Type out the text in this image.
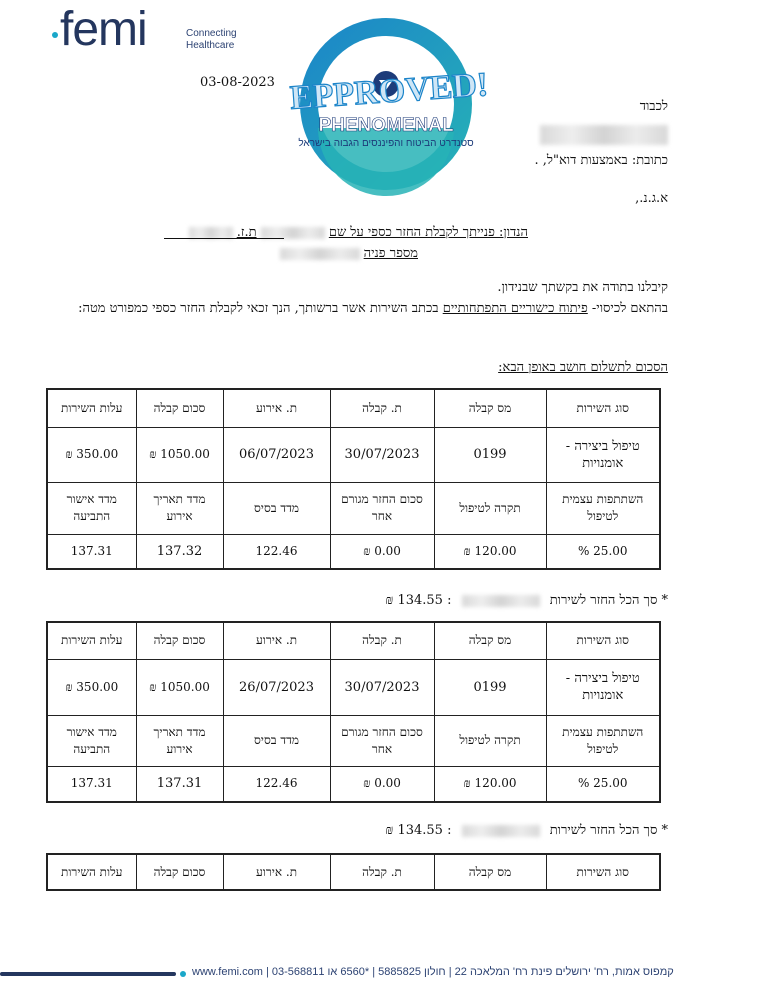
femi	Connecting
Healthcare
03-08-2023 EPPROVED!
PHENOMENAL
סטנדרט הביטוח והפיננסים הגבוה בישראל
לכבוד
כתובת: באמצעות דוא"ל, .
א.ג.נ.,
הנדון: פנייתך לקבלת החזר כספי על שם  ת.ז.
מספר פניה
קיבלנו בתודה את בקשתך שבנידון.
בהתאם לכיסוי- פיתוח כישוריים התפתחותיים בכתב השירות אשר ברשותך, הנך זכאי לקבלת החזר כספי כמפורט מטה:
הסכום לתשלום חושב באופן הבא:
סוג השירות	מס קבלה	ת. קבלה	ת. אירוע	סכום קבלה	עלות השירות
טיפול ביצירה - אומנויות	0199	30/07/2023	06/07/2023	1050.00 ₪	350.00 ₪
השתתפות עצמית לטיפול	תקרה לטיפול	סכום החזר מגורם אחר	מדד בסיס	מדד תאריך אירוע	מדד אישור התביעה
25.00 %	120.00 ₪	0.00 ₪	122.46	137.32	137.31
* סך הכל החזר לשירות  : 134.55 ₪
סוג השירות	מס קבלה	ת. קבלה	ת. אירוע	סכום קבלה	עלות השירות
טיפול ביצירה - אומנויות	0199	30/07/2023	26/07/2023	1050.00 ₪	350.00 ₪
השתתפות עצמית לטיפול	תקרה לטיפול	סכום החזר מגורם אחר	מדד בסיס	מדד תאריך אירוע	מדד אישור התביעה
25.00 %	120.00 ₪	0.00 ₪	122.46	137.31	137.31
* סך הכל החזר לשירות  : 134.55 ₪
סוג השירות	מס קבלה	ת. קבלה	ת. אירוע	סכום קבלה	עלות השירות
קמפוס אמות, רח' ירושלים פינת רח' המלאכה 22 | חולון 5885825 | *6560 או 03-568811 | www.femi.com
